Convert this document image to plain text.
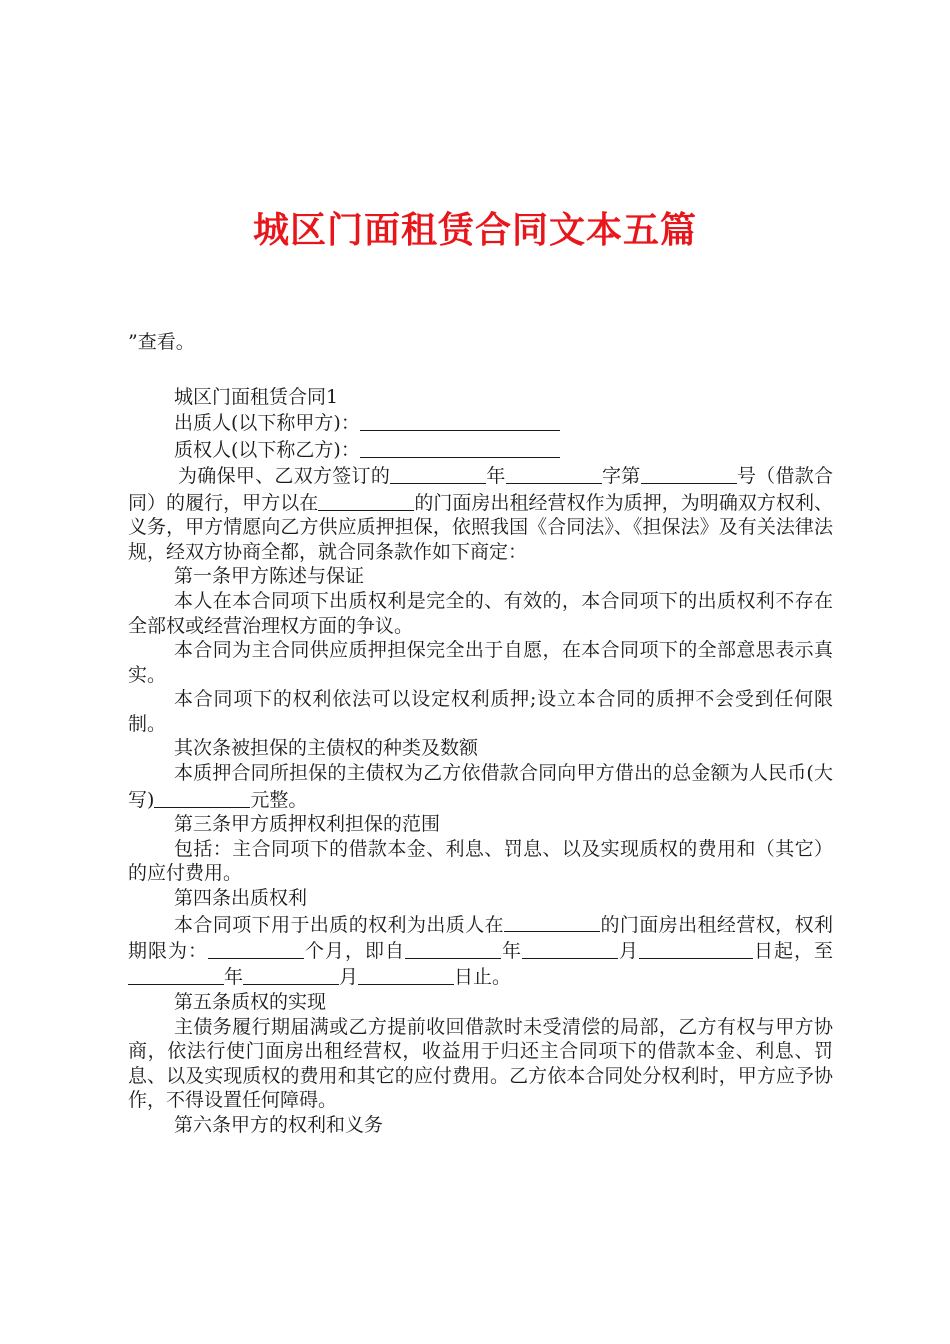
城区门面租赁合同文本五篇

”查看。

城区门面租赁合同1

出质人(以下称甲方)：

质权人(以下称乙方)：

为确保甲、乙双方签订的	年	字第	号（借款合同）的履行，甲方以在	的门面房出租经营权作为质押，为明确双方权利、义务，甲方情愿向乙方供应质押担保，依照我国《合同法》、《担保法》及有关法律法规，经双方协商全都，就合同条款作如下商定：

第一条甲方陈述与保证

本人在本合同项下出质权利是完全的、有效的，本合同项下的出质权利不存在全部权或经营治理权方面的争议。

本合同为主合同供应质押担保完全出于自愿，在本合同项下的全部意思表示真实。

本合同项下的权利依法可以设定权利质押;设立本合同的质押不会受到任何限制。

其次条被担保的主债权的种类及数额

本质押合同所担保的主债权为乙方依借款合同向甲方借出的总金额为人民币(大写)	元整。

第三条甲方质押权利担保的范围

包括：主合同项下的借款本金、利息、罚息、以及实现质权的费用和（其它）的应付费用。

第四条出质权利

本合同项下用于出质的权利为出质人在	的门面房出租经营权，权利期限为：	个月，即自	年	月	日起，至年	月	日止。

第五条质权的实现

主债务履行期届满或乙方提前收回借款时未受清偿的局部，乙方有权与甲方协商，依法行使门面房出租经营权，收益用于归还主合同项下的借款本金、利息、罚息、以及实现质权的费用和其它的应付费用。乙方依本合同处分权利时，甲方应予协作，不得设置任何障碍。

第六条甲方的权利和义务
